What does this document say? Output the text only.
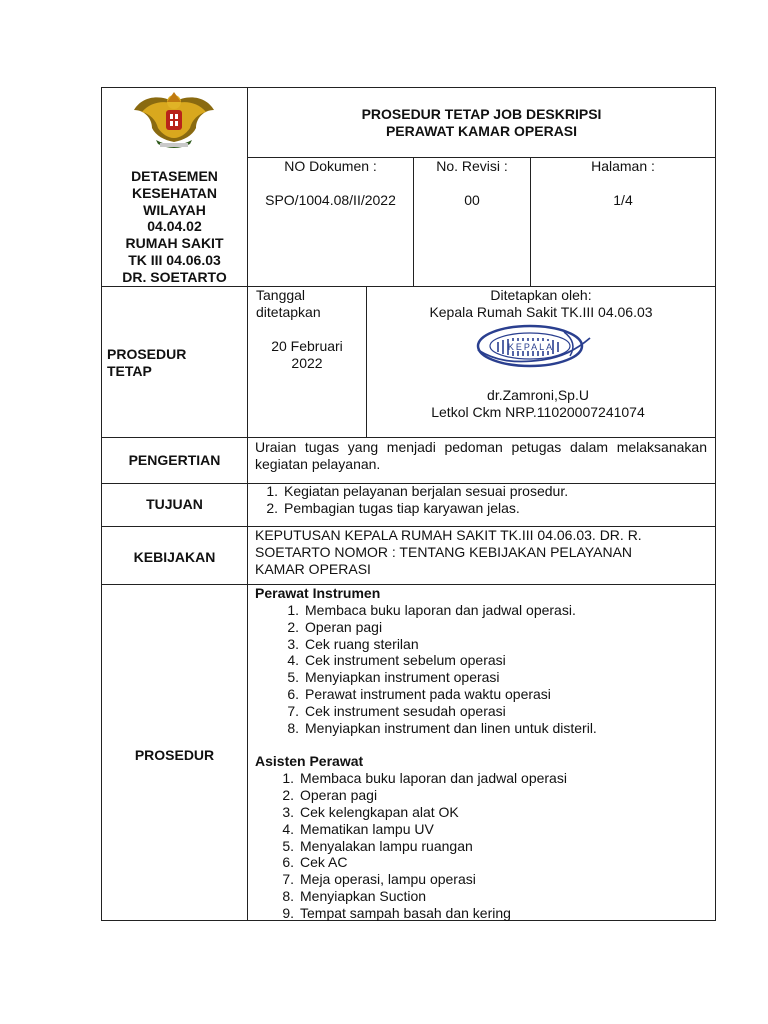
DETASEMEN
KESEHATAN
WILAYAH
04.04.02
RUMAH SAKIT
TK III 04.06.03
DR. SOETARTO
PROSEDUR TETAP JOB DESKRIPSI
PERAWAT KAMAR OPERASI
NO Dokumen :
SPO/1004.08/II/2022
No. Revisi :
00
Halaman :
1/4
PROSEDUR
TETAP
Tanggal
ditetapkan
20 Februari
2022
Ditetapkan oleh:
Kepala Rumah Sakit TK.III 04.06.03
KEPALA
dr.Zamroni,Sp.U
Letkol Ckm NRP.11020007241074
PENGERTIAN
Uraian tugas yang menjadi pedoman petugas dalam melaksanakan kegiatan pelayanan.
TUJUAN
1. Kegiatan pelayanan berjalan sesuai prosedur.
2. Pembagian tugas tiap karyawan jelas.
KEBIJAKAN
KEPUTUSAN KEPALA RUMAH SAKIT TK.III 04.06.03. DR. R.
SOETARTO NOMOR : TENTANG KEBIJAKAN PELAYANAN
KAMAR OPERASI
PROSEDUR
Perawat Instrumen
1. Membaca buku laporan dan jadwal operasi.
2. Operan pagi
3. Cek ruang sterilan
4. Cek instrument sebelum operasi
5. Menyiapkan instrument operasi
6. Perawat instrument pada waktu operasi
7. Cek instrument sesudah operasi
8. Menyiapkan instrument dan linen untuk disteril.
Asisten Perawat
1. Membaca buku laporan dan jadwal operasi
2. Operan pagi
3. Cek kelengkapan alat OK
4. Mematikan lampu UV
5. Menyalakan lampu ruangan
6. Cek AC
7. Meja operasi, lampu operasi
8. Menyiapkan Suction
9. Tempat sampah basah dan kering
